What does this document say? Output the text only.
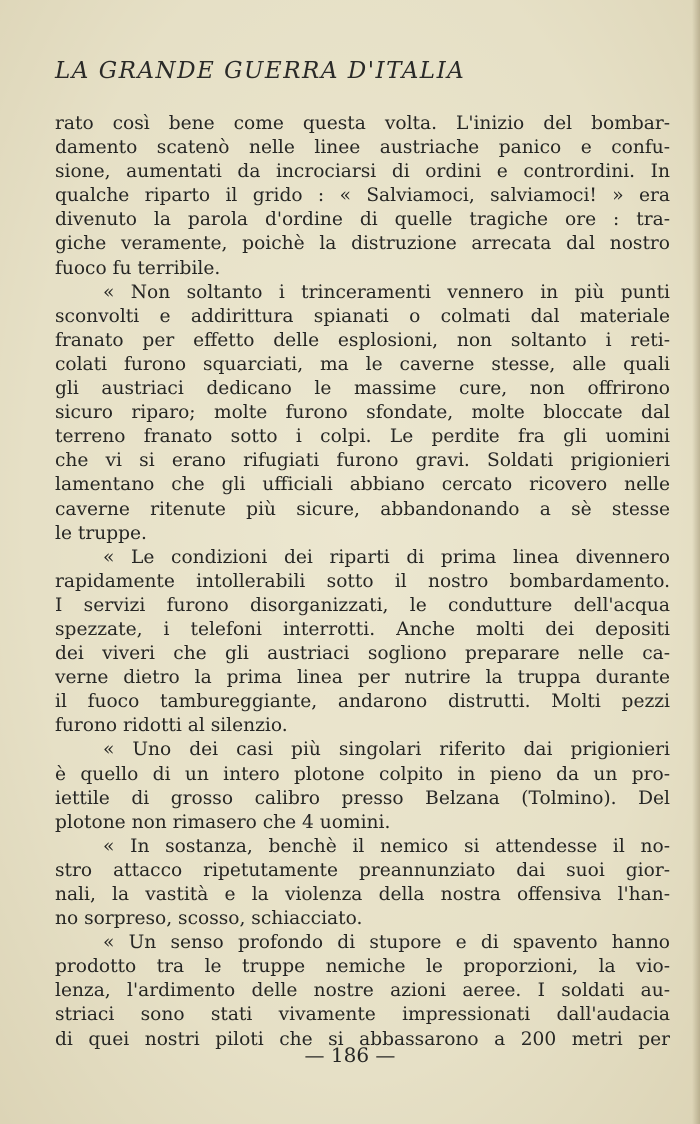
LA GRANDE GUERRA D'ITALIA

rato così bene come questa volta. L'inizio del bombar-
damento scatenò nelle linee austriache panico e confu-
sione, aumentati da incrociarsi di ordini e contrordini. In
qualche riparto il grido : « Salviamoci, salviamoci! » era
divenuto la parola d'ordine di quelle tragiche ore : tra-
giche veramente, poichè la distruzione arrecata dal nostro
fuoco fu terribile.

« Non soltanto i trinceramenti vennero in più punti
sconvolti e addirittura spianati o colmati dal materiale
franato per effetto delle esplosioni, non soltanto i reti-
colati furono squarciati, ma le caverne stesse, alle quali
gli austriaci dedicano le massime cure, non offrirono
sicuro riparo; molte furono sfondate, molte bloccate dal
terreno franato sotto i colpi. Le perdite fra gli uomini
che vi si erano rifugiati furono gravi. Soldati prigionieri
lamentano che gli ufficiali abbiano cercato ricovero nelle
caverne ritenute più sicure, abbandonando a sè stesse
le truppe.

« Le condizioni dei riparti di prima linea divennero
rapidamente intollerabili sotto il nostro bombardamento.
I servizi furono disorganizzati, le condutture dell'acqua
spezzate, i telefoni interrotti. Anche molti dei depositi
dei viveri che gli austriaci sogliono preparare nelle ca-
verne dietro la prima linea per nutrire la truppa durante
il fuoco tambureggiante, andarono distrutti. Molti pezzi
furono ridotti al silenzio.

« Uno dei casi più singolari riferito dai prigionieri
è quello di un intero plotone colpito in pieno da un pro-
iettile di grosso calibro presso Belzana (Tolmino). Del
plotone non rimasero che 4 uomini.

« In sostanza, benchè il nemico si attendesse il no-
stro attacco ripetutamente preannunziato dai suoi gior-
nali, la vastità e la violenza della nostra offensiva l'han-
no sorpreso, scosso, schiacciato.

« Un senso profondo di stupore e di spavento hanno
prodotto tra le truppe nemiche le proporzioni, la vio-
lenza, l'ardimento delle nostre azioni aeree. I soldati au-
striaci sono stati vivamente impressionati dall'audacia
di quei nostri piloti che si abbassarono a 200 metri per

— 186 —
